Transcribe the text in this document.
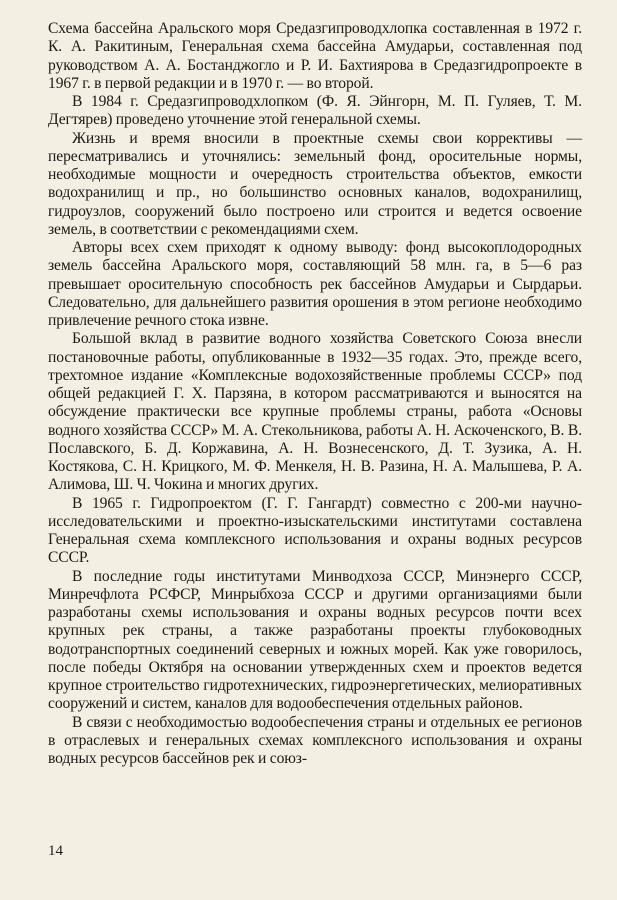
Схема бассейна Аральского моря Средазгипроводхлопка составленная в 1972 г. К. А. Ракитиным, Генеральная схема бассейна Амударьи, составленная под руководством А. А. Бостанджогло и Р. И. Бахтиярова в Средазгидропроекте в 1967 г. в первой редакции и в 1970 г. — во второй.

В 1984 г. Средазгипроводхлопком (Ф. Я. Эйнгорн, М. П. Гуляев, Т. М. Дегтярев) проведено уточнение этой генеральной схемы.

Жизнь и время вносили в проектные схемы свои коррективы — пересматривались и уточнялись: земельный фонд, оросительные нормы, необходимые мощности и очередность строительства объектов, емкости водохранилищ и пр., но большинство основных каналов, водохранилищ, гидроузлов, сооружений было построено или строится и ведется освоение земель, в соответствии с рекомендациями схем.

Авторы всех схем приходят к одному выводу: фонд высокоплодородных земель бассейна Аральского моря, составляющий 58 млн. га, в 5—6 раз превышает оросительную способность рек бассейнов Амударьи и Сырдарьи. Следовательно, для дальнейшего развития орошения в этом регионе необходимо привлечение речного стока извне.

Большой вклад в развитие водного хозяйства Советского Союза внесли постановочные работы, опубликованные в 1932—35 годах. Это, прежде всего, трехтомное издание «Комплексные водохозяйственные проблемы СССР» под общей редакцией Г. Х. Парзяна, в котором рассматриваются и выносятся на обсуждение практически все крупные проблемы страны, работа «Основы водного хозяйства СССР» М. А. Стекольникова, работы А. Н. Аскоченского, В. В. Пославского, Б. Д. Коржавина, А. Н. Вознесенского, Д. Т. Зузика, А. Н. Костякова, С. Н. Крицкого, М. Ф. Менкеля, Н. В. Разина, Н. А. Малышева, Р. А. Алимова, Ш. Ч. Чокина и многих других.

В 1965 г. Гидропроектом (Г. Г. Гангардт) совместно с 200-ми научно-исследовательскими и проектно-изыскательскими институтами составлена Генеральная схема комплексного использования и охраны водных ресурсов СССР.

В последние годы институтами Минводхоза СССР, Минэнерго СССР, Минречфлота РСФСР, Минрыбхоза СССР и другими организациями были разработаны схемы использования и охраны водных ресурсов почти всех крупных рек страны, а также разработаны проекты глубоководных водотранспортных соединений северных и южных морей. Как уже говорилось, после победы Октября на основании утвержденных схем и проектов ведется крупное строительство гидротехнических, гидроэнергетических, мелиоративных сооружений и систем, каналов для водообеспечения отдельных районов.

В связи с необходимостью водообеспечения страны и отдельных ее регионов в отраслевых и генеральных схемах комплексного использования и охраны водных ресурсов бассейнов рек и союз-

14
